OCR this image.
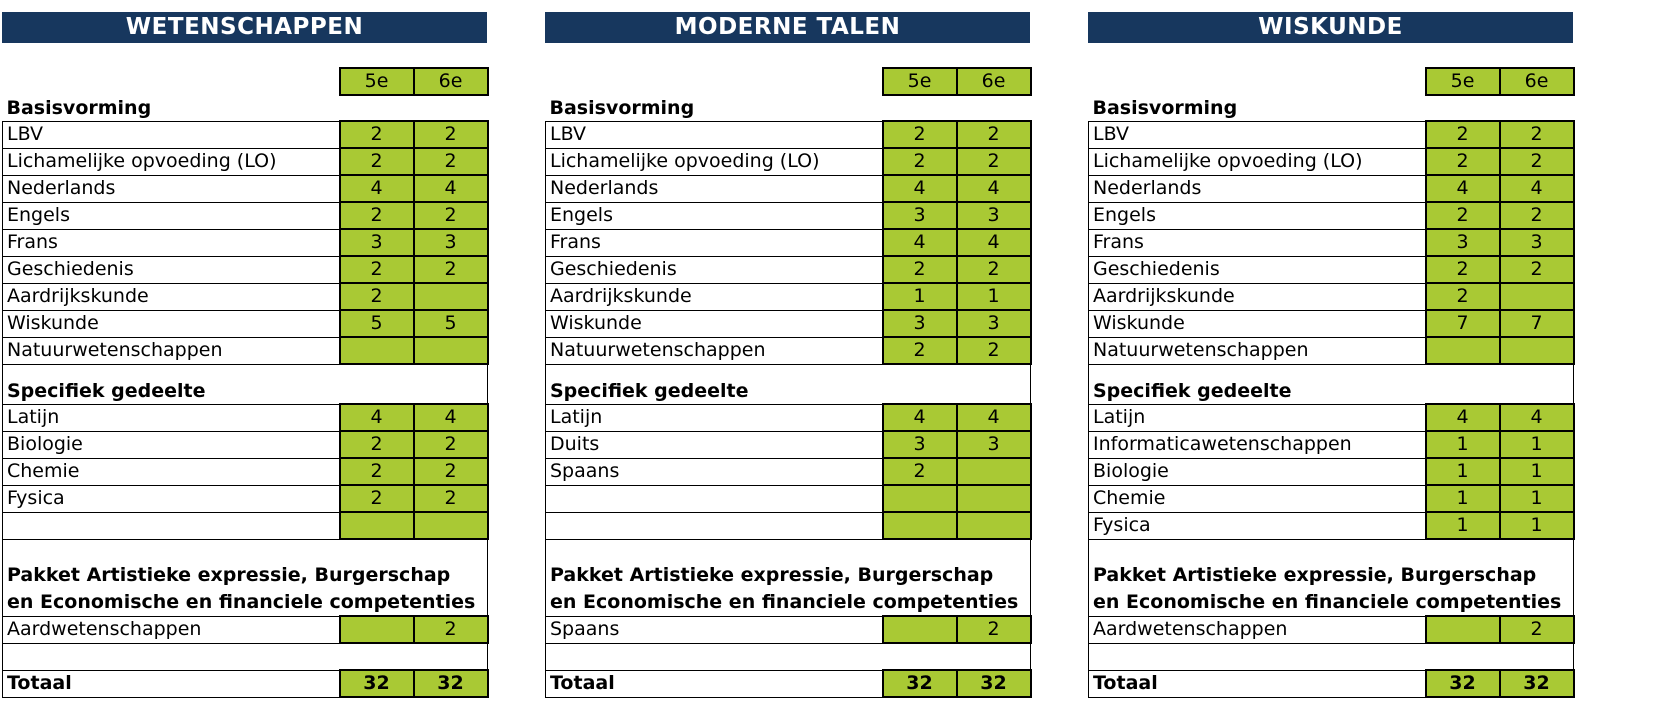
WETENSCHAPPEN
	5e	6e
Basisvorming		
LBV	2	2
Lichamelijke opvoeding (LO)	2	2
Nederlands	4	4
Engels	2	2
Frans	3	3
Geschiedenis	2	2
Aardrijkskunde	2	
Wiskunde	5	5
Natuurwetenschappen		

Specifiek gedeelte		
Latijn	4	4
Biologie	2	2
Chemie	2	2
Fysica	2	2

Pakket Artistieke expressie, Burgerschap en Economische en financiele competenties		
Aardwetenschappen		2

Totaal	32	32
MODERNE TALEN
	5e	6e
Basisvorming		
LBV	2	2
Lichamelijke opvoeding (LO)	2	2
Nederlands	4	4
Engels	3	3
Frans	4	4
Geschiedenis	2	2
Aardrijkskunde	1	1
Wiskunde	3	3
Natuurwetenschappen	2	2

Specifiek gedeelte		
Latijn	4	4
Duits	3	3
Spaans	2	

Pakket Artistieke expressie, Burgerschap en Economische en financiele competenties		
Spaans		2

Totaal	32	32
WISKUNDE
	5e	6e
Basisvorming		
LBV	2	2
Lichamelijke opvoeding (LO)	2	2
Nederlands	4	4
Engels	2	2
Frans	3	3
Geschiedenis	2	2
Aardrijkskunde	2	
Wiskunde	7	7
Natuurwetenschappen		

Specifiek gedeelte		
Latijn	4	4
Informaticawetenschappen	1	1
Biologie	1	1
Chemie	1	1
Fysica	1	1
Pakket Artistieke expressie, Burgerschap en Economische en financiele competenties		
Aardwetenschappen		2

Totaal	32	32
